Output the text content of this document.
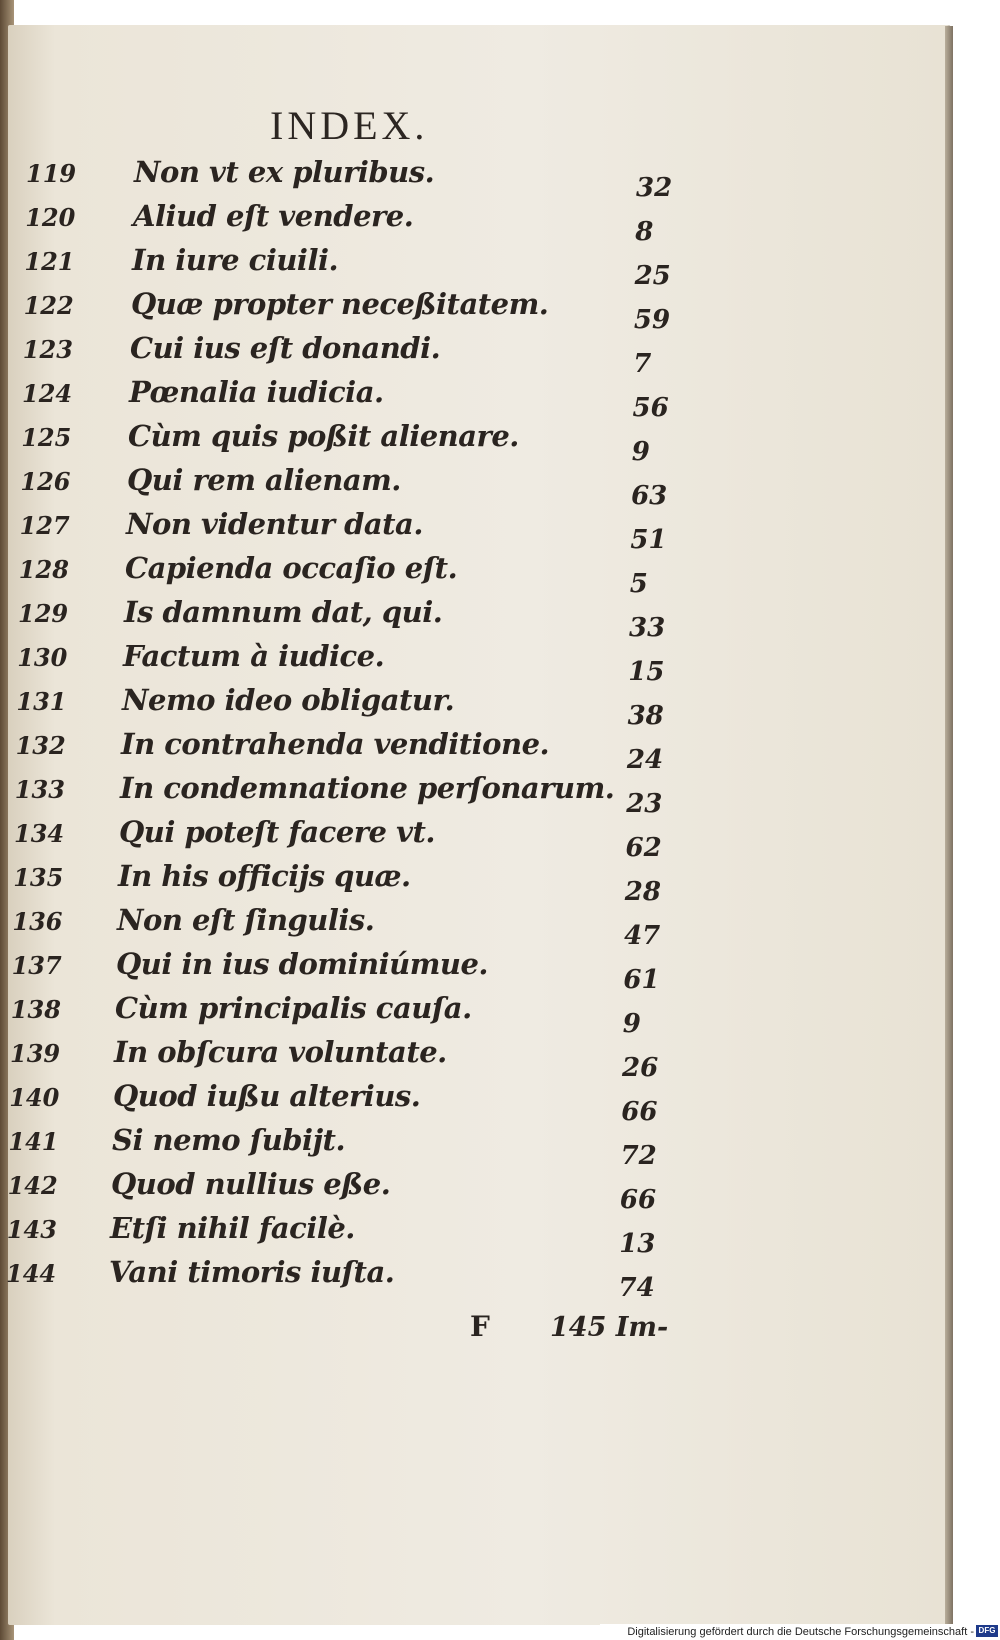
INDEX.
119 Non vt ex pluribus.	32
120 Aliud eſt vendere.	8
121 In iure ciuili.	25
122 Quæ propter neceßitatem.	59
123 Cui ius eſt donandi.	7
124 Pœnalia iudicia.	56
125 Cùm quis poßit alienare.	9
126 Qui rem alienam.	63
127 Non videntur data.	51
128 Capienda occaſio eſt.	5
129 Is damnum dat, qui.	33
130 Factum à iudice.	15
131 Nemo ideo obligatur.	38
132 In contrahenda venditione.	24
133 In condemnatione perſonarum. 23
134 Qui poteſt facere vt.	62
135 In his officijs quæ.	28
136 Non eſt ſingulis.	47
137 Qui in ius dominiúmue.	61
138 Cùm principalis cauſa.	9
139 In obſcura voluntate.	26
140 Quod iußu alterius.	66
141 Si nemo ſubijt.	72
142 Quod nullius eße.	66
143 Etſi nihil facilè.	13
144 Vani timoris iuſta.	74
F 145 Im-
Digitalisierung gefördert durch die Deutsche Forschungsgemeinschaft - DFG
